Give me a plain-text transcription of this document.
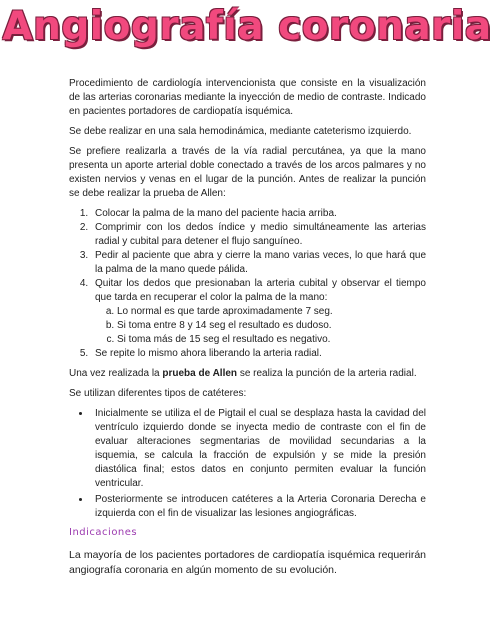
Angiografía coronaria

Procedimiento de cardiología intervencionista que consiste en la visualización de las arterias coronarias mediante la inyección de medio de contraste. Indicado en pacientes portadores de cardiopatía isquémica.

Se debe realizar en una sala hemodinámica, mediante cateterismo izquierdo.

Se prefiere realizarla a través de la vía radial percutánea, ya que la mano presenta un aporte arterial doble conectado a través de los arcos palmares y no existen nervios y venas en el lugar de la punción. Antes de realizar la punción se debe realizar la prueba de Allen:

1. Colocar la palma de la mano del paciente hacia arriba.
2. Comprimir con los dedos índice y medio simultáneamente las arterias radial y cubital para detener el flujo sanguíneo.
3. Pedir al paciente que abra y cierre la mano varias veces, lo que hará que la palma de la mano quede pálida.
4. Quitar los dedos que presionaban la arteria cubital y observar el tiempo que tarda en recuperar el color la palma de la mano:
a. Lo normal es que tarde aproximadamente 7 seg.
b. Si toma entre 8 y 14 seg el resultado es dudoso.
c. Si toma más de 15 seg el resultado es negativo.
5. Se repite lo mismo ahora liberando la arteria radial.

Una vez realizada la prueba de Allen se realiza la punción de la arteria radial.

Se utilizan diferentes tipos de catéteres:

• Inicialmente se utiliza el de Pigtail el cual se desplaza hasta la cavidad del ventrículo izquierdo donde se inyecta medio de contraste con el fin de evaluar alteraciones segmentarias de movilidad secundarias a la isquemia, se calcula la fracción de expulsión y se mide la presión diastólica final; estos datos en conjunto permiten evaluar la función ventricular.
• Posteriormente se introducen catéteres a la Arteria Coronaria Derecha e izquierda con el fin de visualizar las lesiones angiográficas.
Indicaciones

La mayoría de los pacientes portadores de cardiopatía isquémica requerirán angiografía coronaria en algún momento de su evolución.
